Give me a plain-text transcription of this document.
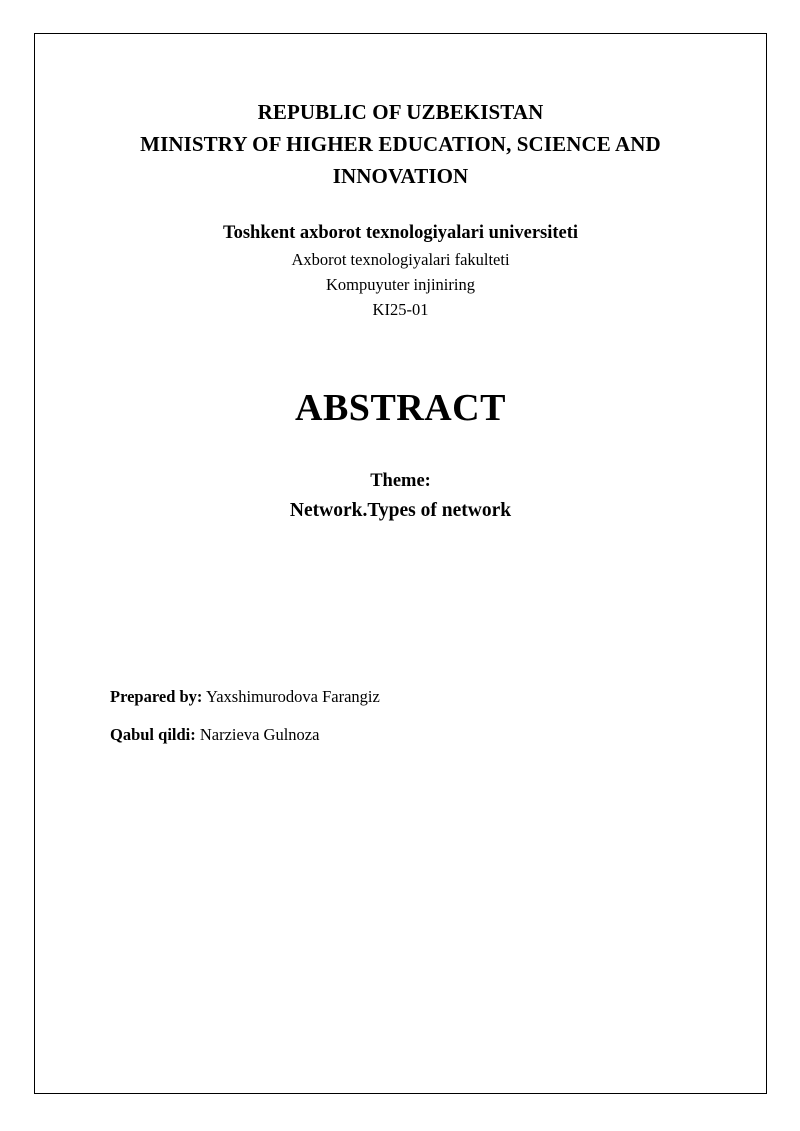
REPUBLIC OF UZBEKISTAN
MINISTRY OF HIGHER EDUCATION, SCIENCE AND
INNOVATION
Toshkent axborot texnologiyalari universiteti
Axborot texnologiyalari fakulteti
Kompuyuter injiniring
KI25-01
ABSTRACT
Theme:
Network.Types of network
Prepared by: Yaxshimurodova Farangiz
Qabul qildi: Narzieva Gulnoza
